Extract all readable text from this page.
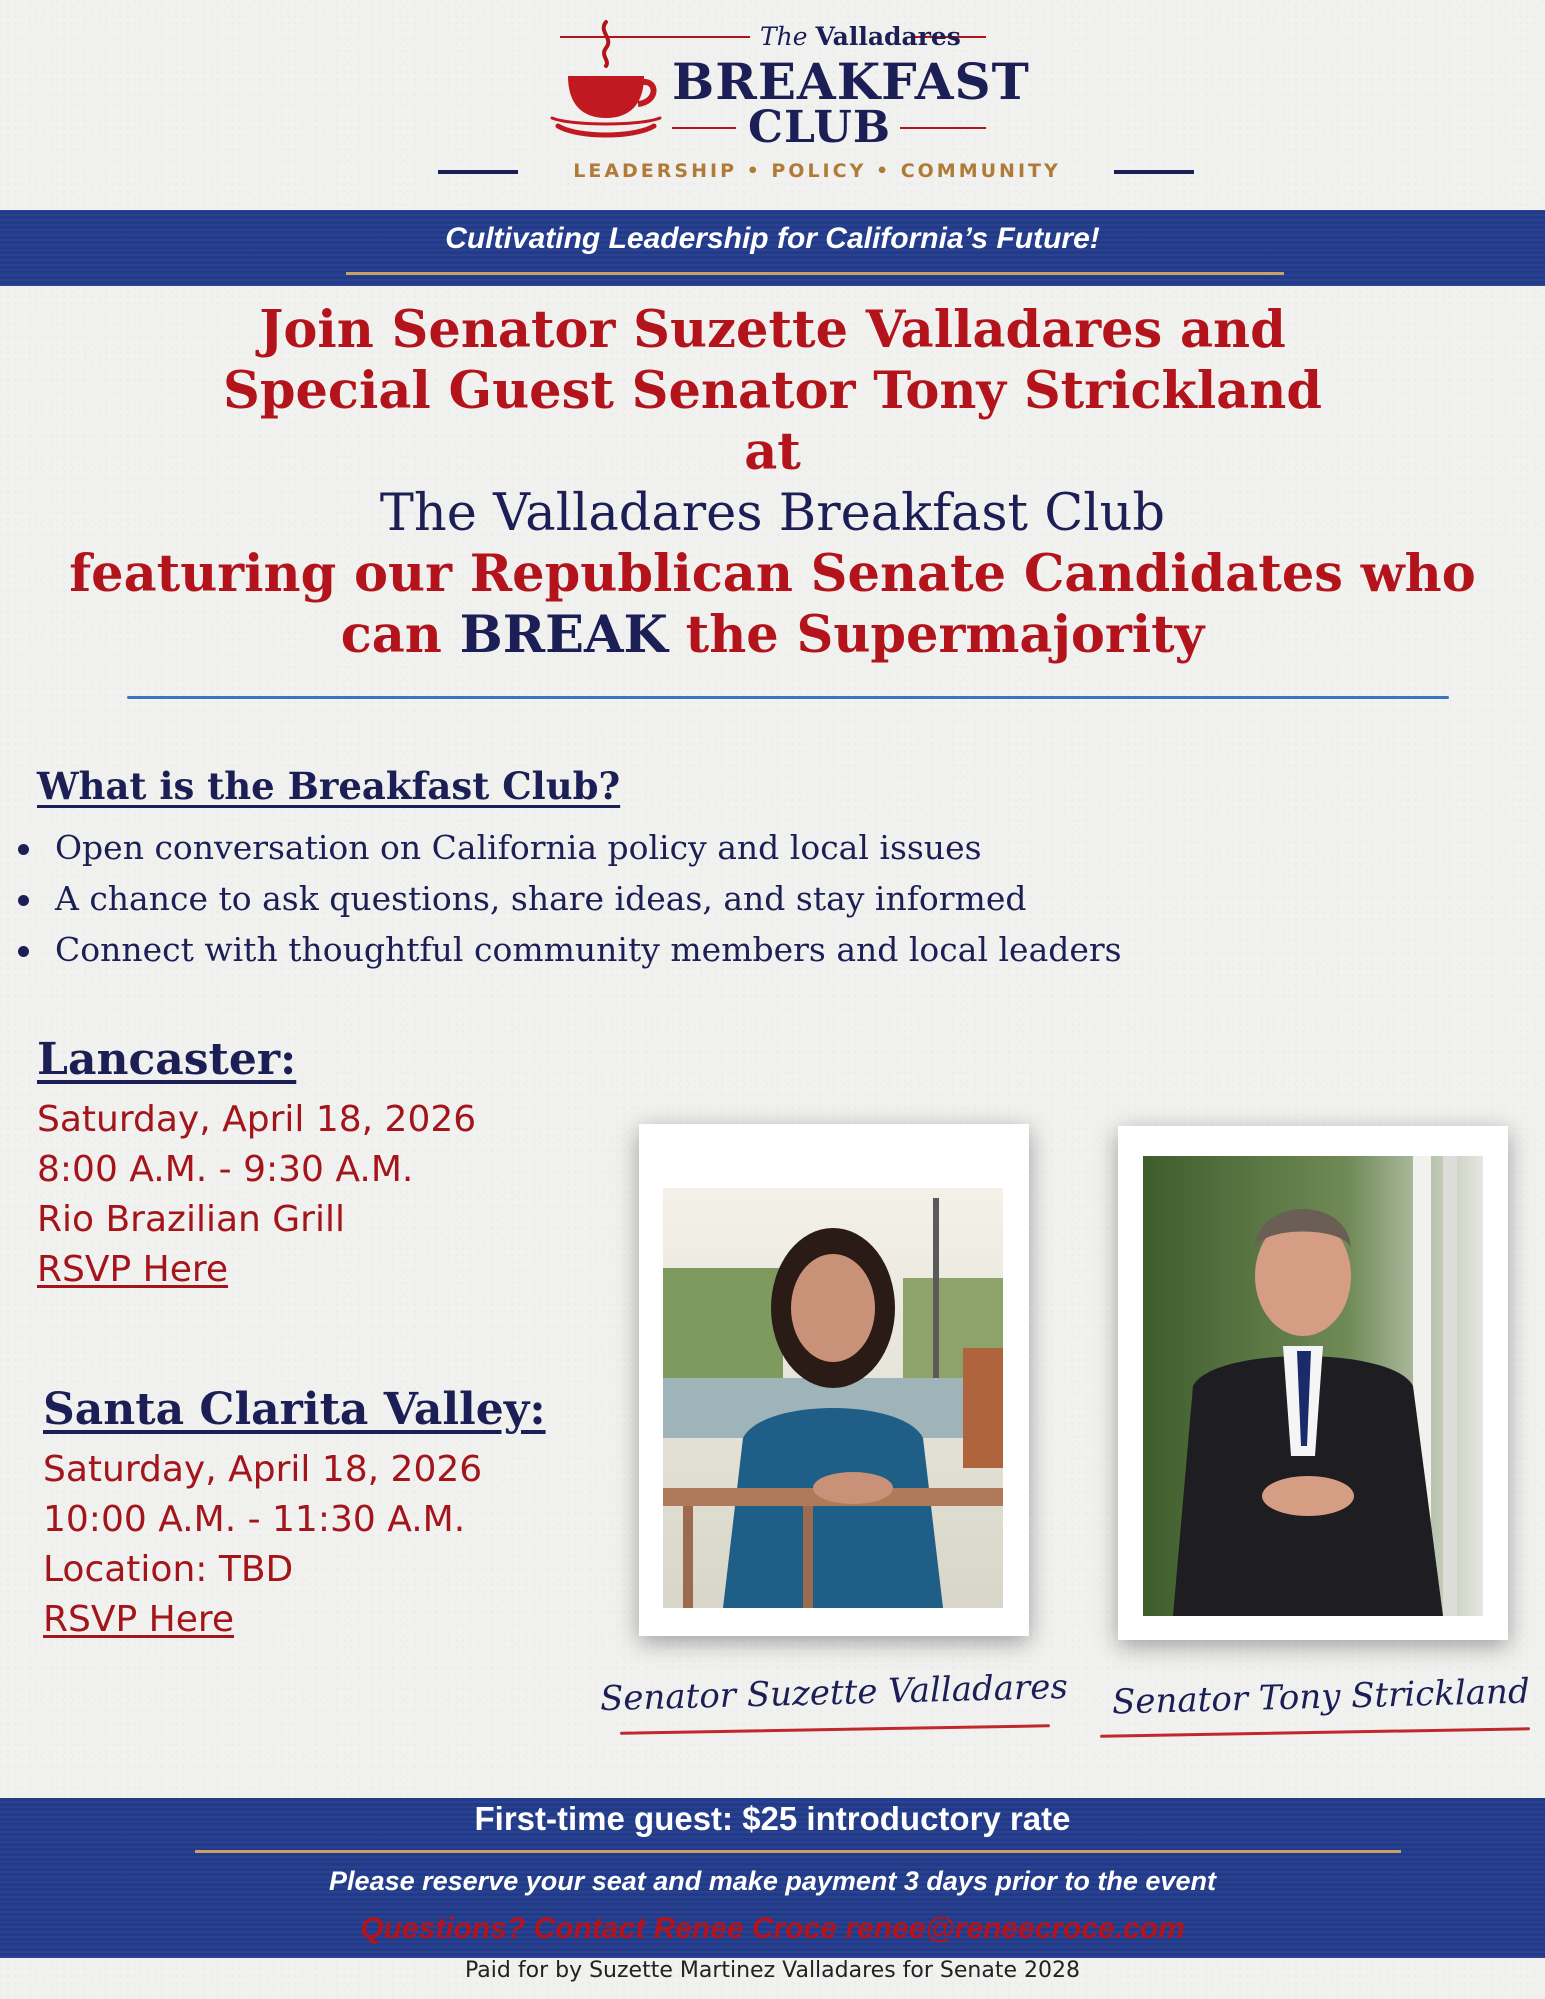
The Valladares
BREAKFAST
CLUB
LEADERSHIP • POLICY • COMMUNITY
Cultivating Leadership for California’s Future!
Join Senator Suzette Valladares and
Special Guest Senator Tony Strickland
at
The Valladares Breakfast Club
featuring our Republican Senate Candidates who
can BREAK the Supermajority
What is the Breakfast Club?
Open conversation on California policy and local issues
A chance to ask questions, share ideas, and stay informed
Connect with thoughtful community members and local leaders
Lancaster:
Saturday, April 18, 2026
8:00 A.M. - 9:30 A.M.
Rio Brazilian Grill
RSVP Here
Santa Clarita Valley:
Saturday, April 18, 2026
10:00 A.M. - 11:30 A.M.
Location: TBD
RSVP Here
Senator Suzette Valladares Senator Tony Strickland
First-time guest: $25 introductory rate
Please reserve your seat and make payment 3 days prior to the event
Questions? Contact Renee Croce renee@reneecroce.com
Paid for by Suzette Martinez Valladares for Senate 2028
